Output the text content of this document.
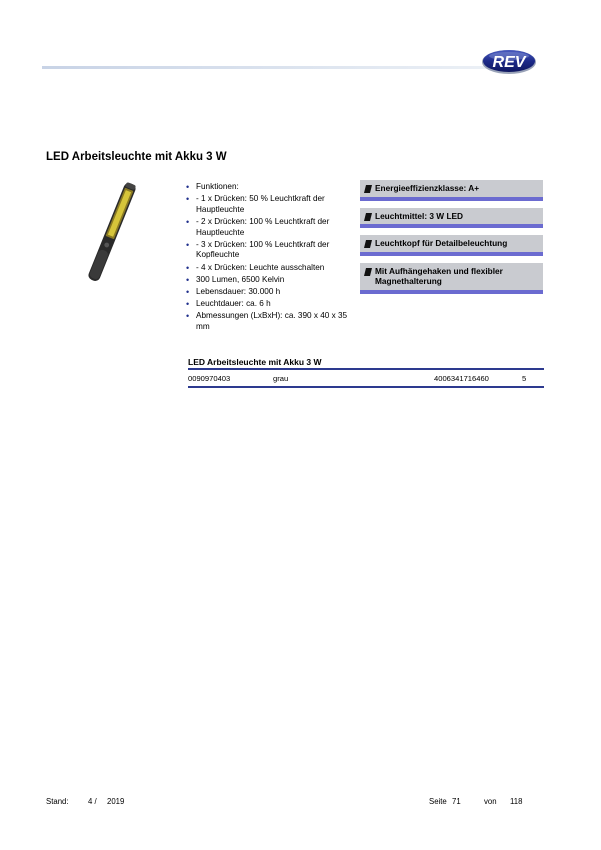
REV
LED Arbeitsleuchte mit Akku 3 W
• Funktionen:
• - 1 x Drücken: 50 % Leuchtkraft der Hauptleuchte
• - 2 x Drücken: 100 % Leuchtkraft der Hauptleuchte
• - 3 x Drücken: 100 % Leuchtkraft der Kopfleuchte
• - 4 x Drücken: Leuchte ausschalten
• 300 Lumen, 6500 Kelvin
• Lebensdauer: 30.000 h
• Leuchtdauer: ca. 6 h
• Abmessungen (LxBxH): ca. 390 x 40 x 35 mm
Energieeffizienzklasse: A+
Leuchtmittel: 3 W LED
Leuchtkopf für Detailbeleuchtung
Mit Aufhängehaken und flexibler Magnethalterung
LED Arbeitsleuchte mit Akku 3 W
0090970403	grau	4006341716460	5
Stand: 4 / 2019	Seite 71	von 118
